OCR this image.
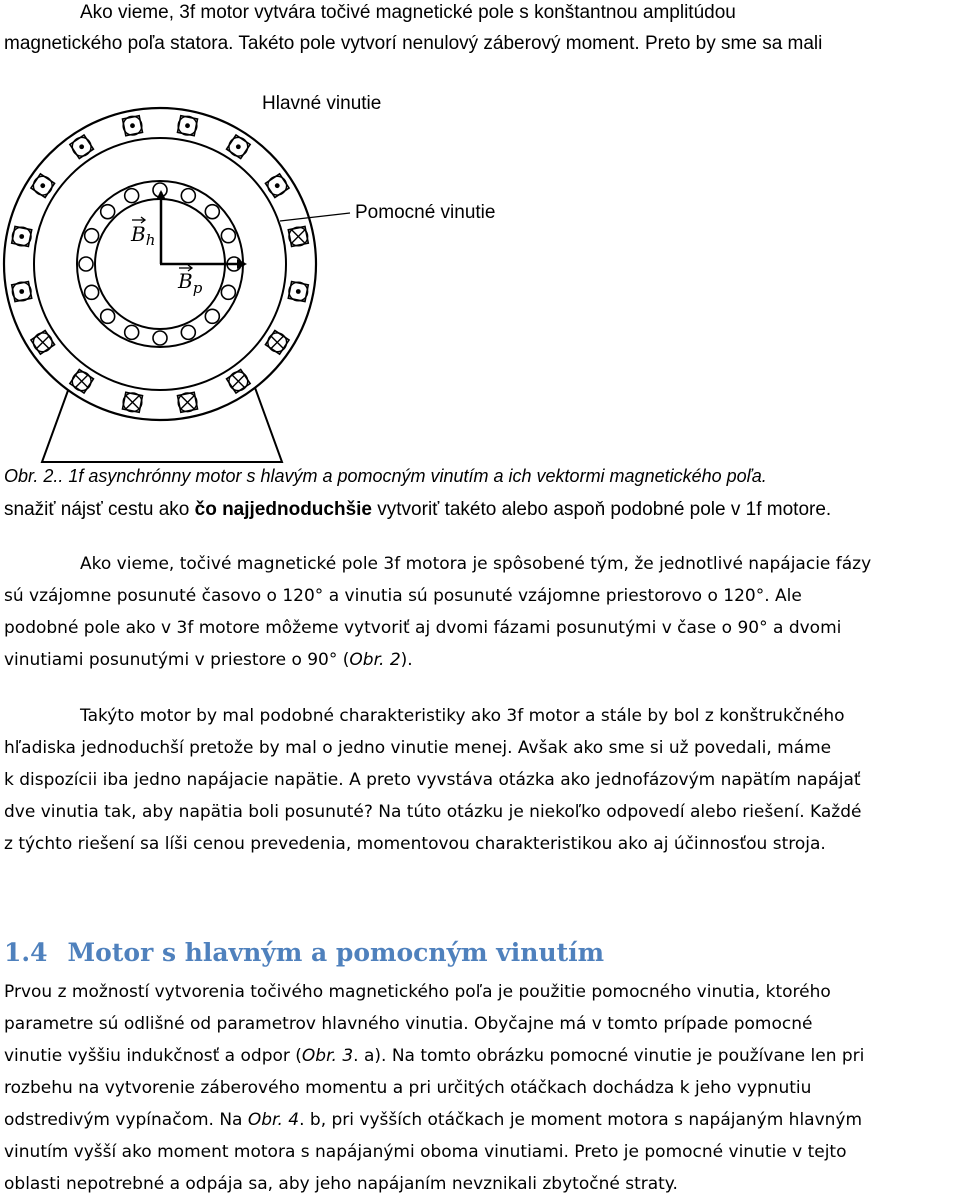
Ako vieme, 3f motor vytvára točivé magnetické pole s konštantnou amplitúdou
magnetického poľa statora. Takéto pole vytvorí nenulový záberový moment. Preto by sme sa mali
Hlavné vinutie
Pomocné vinutie
$B_h$
$B_p$
Obr. 2.. 1f asynchrónny motor s hlavým a pomocným vinutím a ich vektormi magnetického poľa.
snažiť nájsť cestu ako čo najjednoduchšie vytvoriť takéto alebo aspoň podobné pole v 1f motore.
Ako vieme, točivé magnetické pole 3f motora je spôsobené tým, že jednotlivé napájacie fázy
sú vzájomne posunuté časovo o 120° a vinutia sú posunuté vzájomne priestorovo o 120°. Ale
podobné pole ako v 3f motore môžeme vytvoriť aj dvomi fázami posunutými v čase o 90° a dvomi
vinutiami posunutými v priestore o 90° (Obr. 2).
Takýto motor by mal podobné charakteristiky ako 3f motor a stále by bol z konštrukčného
hľadiska jednoduchší pretože by mal o jedno vinutie menej. Avšak ako sme si už povedali, máme
k dispozícii iba jedno napájacie napätie. A preto vyvstáva otázka ako jednofázovým napätím napájať
dve vinutia tak, aby napätia boli posunuté? Na túto otázku je niekoľko odpovedí alebo riešení. Každé
z týchto riešení sa líši cenou prevedenia, momentovou charakteristikou ako aj účinnosťou stroja.
1.4 Motor s hlavným a pomocným vinutím
Prvou z možností vytvorenia točivého magnetického poľa je použitie pomocného vinutia, ktorého
parametre sú odlišné od parametrov hlavného vinutia. Obyčajne má v tomto prípade pomocné
vinutie vyššiu indukčnosť a odpor (Obr. 3. a). Na tomto obrázku pomocné vinutie je používane len pri
rozbehu na vytvorenie záberového momentu a pri určitých otáčkach dochádza k jeho vypnutiu
odstredivým vypínačom. Na Obr. 4. b, pri vyšších otáčkach je moment motora s napájaným hlavným
vinutím vyšší ako moment motora s napájanými oboma vinutiami. Preto je pomocné vinutie v tejto
oblasti nepotrebné a odpája sa, aby jeho napájaním nevznikali zbytočné straty.
